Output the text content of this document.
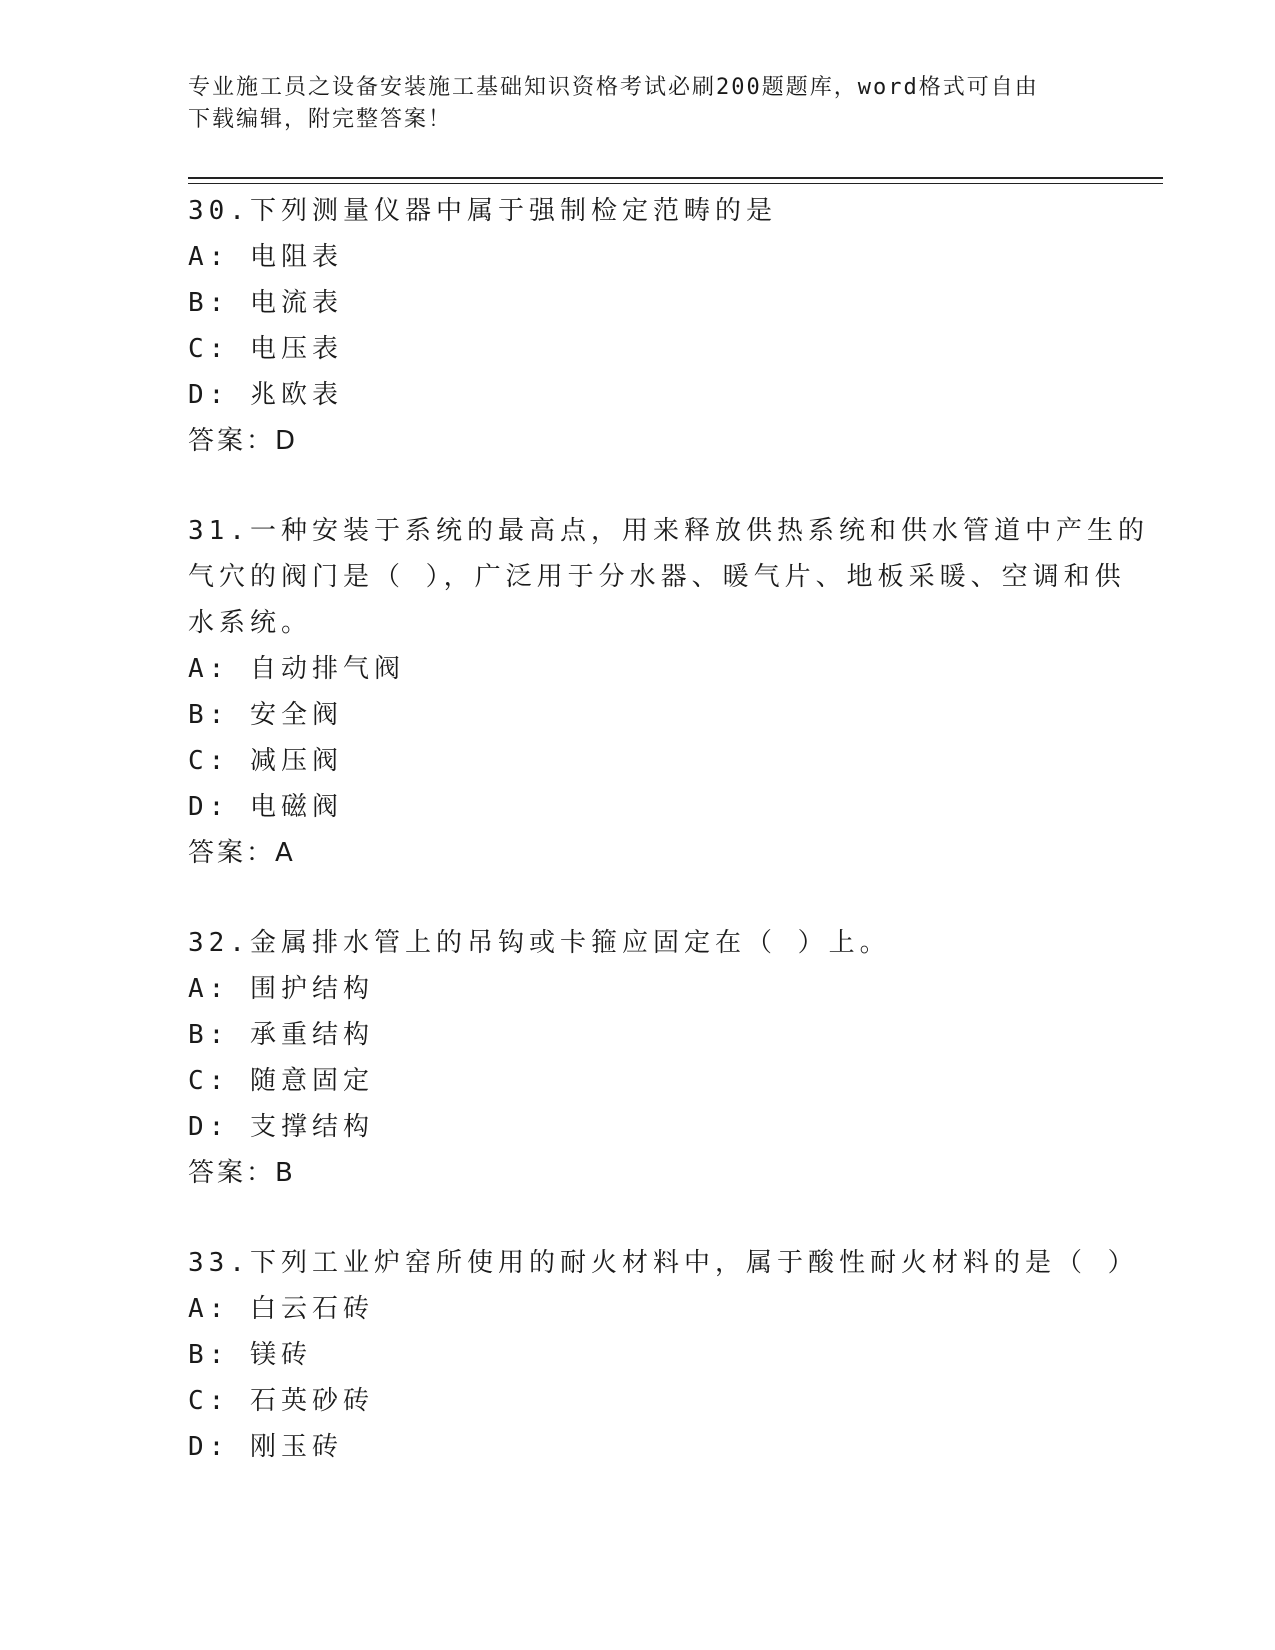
专业施工员之设备安装施工基础知识资格考试必刷200题题库，word格式可自由
下载编辑，附完整答案！
30.下列测量仪器中属于强制检定范畴的是
A: 电阻表
B: 电流表
C: 电压表
D: 兆欧表
答案：D
31.一种安装于系统的最高点，用来释放供热系统和供水管道中产生的
气穴的阀门是（ ），广泛用于分水器、暖气片、地板采暖、空调和供
水系统。
A: 自动排气阀
B: 安全阀
C: 减压阀
D: 电磁阀
答案：A
32.金属排水管上的吊钩或卡箍应固定在（ ）上。
A: 围护结构
B: 承重结构
C: 随意固定
D: 支撑结构
答案：B
33.下列工业炉窑所使用的耐火材料中，属于酸性耐火材料的是（ ）
A: 白云石砖
B: 镁砖
C: 石英砂砖
D: 刚玉砖
